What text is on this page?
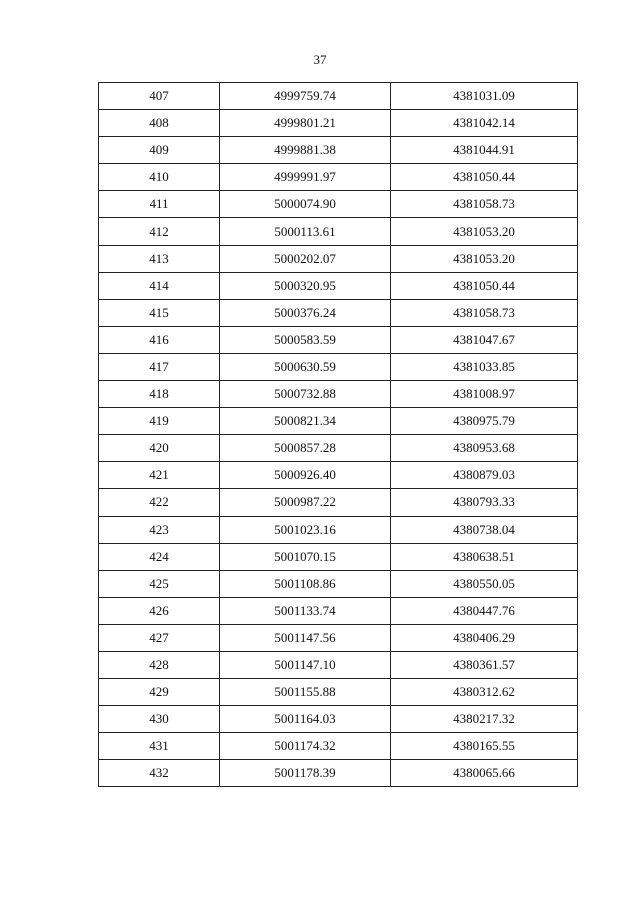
37
407	4999759.74	4381031.09
408	4999801.21	4381042.14
409	4999881.38	4381044.91
410	4999991.97	4381050.44
411	5000074.90	4381058.73
412	5000113.61	4381053.20
413	5000202.07	4381053.20
414	5000320.95	4381050.44
415	5000376.24	4381058.73
416	5000583.59	4381047.67
417	5000630.59	4381033.85
418	5000732.88	4381008.97
419	5000821.34	4380975.79
420	5000857.28	4380953.68
421	5000926.40	4380879.03
422	5000987.22	4380793.33
423	5001023.16	4380738.04
424	5001070.15	4380638.51
425	5001108.86	4380550.05
426	5001133.74	4380447.76
427	5001147.56	4380406.29
428	5001147.10	4380361.57
429	5001155.88	4380312.62
430	5001164.03	4380217.32
431	5001174.32	4380165.55
432	5001178.39	4380065.66
